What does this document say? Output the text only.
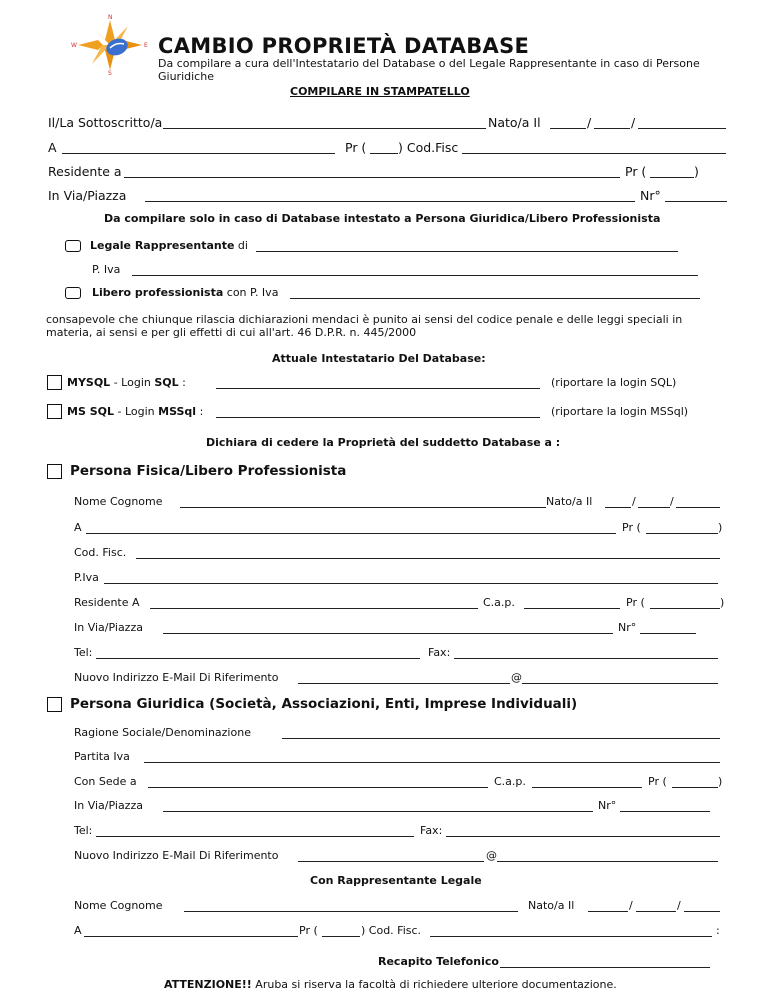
N
E
S
W	CAMBIO PROPRIETÀ DATABASE
Da compilare a cura dell'Intestatario del Database o del Legale Rappresentante in caso di Persone Giuridiche
COMPILARE IN STAMPATELLO
Il/La Sottoscritto/a	Nato/a Il	/	/
A	Pr (	) Cod.Fisc
Residente a	Pr (	)
In Via/Piazza	Nr°
Da compilare solo in caso di Database intestato a Persona Giuridica/Libero Professionista
Legale Rappresentante di
P. Iva
Libero professionista con P. Iva
consapevole che chiunque rilascia dichiarazioni mendaci è punito ai sensi del codice penale e delle leggi speciali in materia, ai sensi e per gli effetti di cui all'art. 46 D.P.R. n. 445/2000
Attuale Intestatario Del Database:
MYSQL - Login SQL :	(riportare la login SQL)
MS SQL - Login MSSql :	(riportare la login MSSql)
Dichiara di cedere la Proprietà del suddetto Database a :
Persona Fisica/Libero Professionista
Nome Cognome	Nato/a Il	/	/
A	Pr (	)
Cod. Fisc.
P.Iva
Residente A	C.a.p.	Pr (	)
In Via/Piazza	Nr°
Tel:	Fax:
Nuovo Indirizzo E-Mail Di Riferimento	@
Persona Giuridica (Società, Associazioni, Enti, Imprese Individuali)
Ragione Sociale/Denominazione
Partita Iva
Con Sede a	C.a.p.	Pr (	)
In Via/Piazza	Nr°
Tel:	Fax:
Nuovo Indirizzo E-Mail Di Riferimento	@
Con Rappresentante Legale
Nome Cognome	Nato/a Il	/	/
A	Pr (	) Cod. Fisc.	:
Recapito Telefonico
ATTENZIONE!! Aruba si riserva la facoltà di richiedere ulteriore documentazione.
